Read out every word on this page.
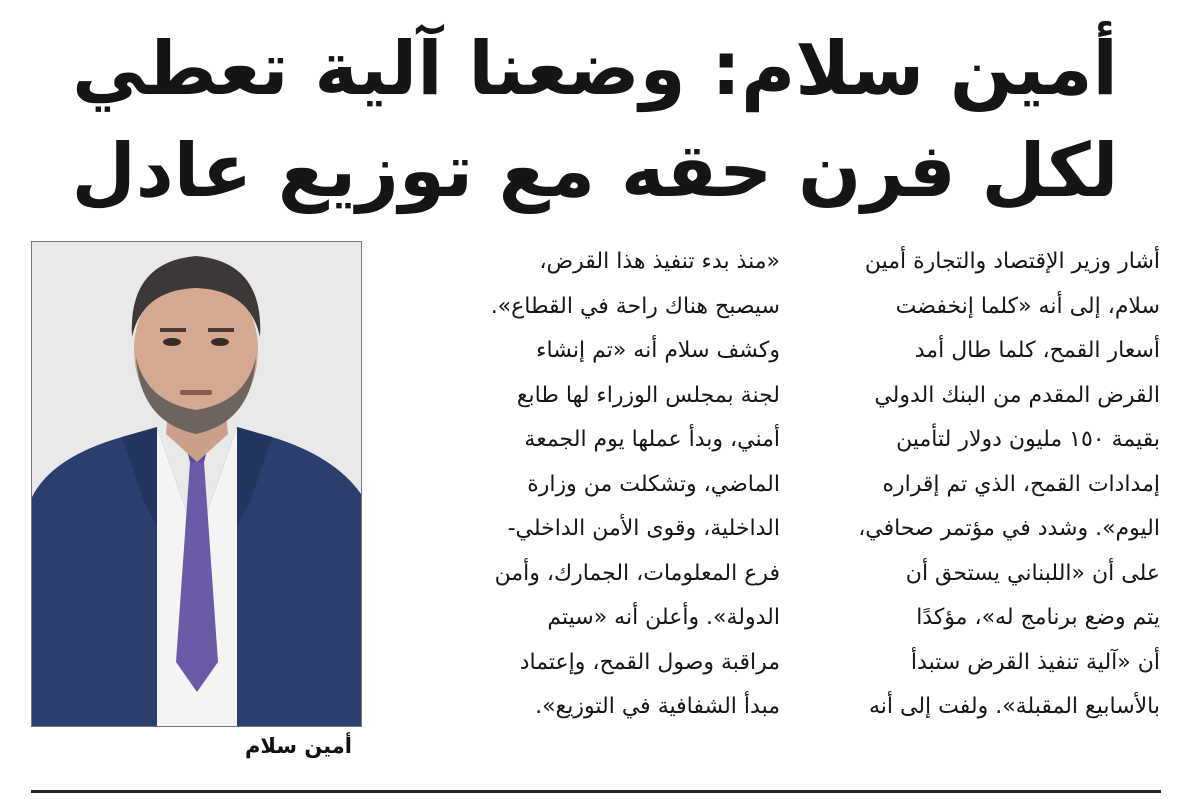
أمين سلام: وضعنا آلية تعطي
لكل فرن حقه مع توزيع عادل
أشار وزير الإقتصاد والتجارة أمين
سلام، إلى أنه «كلما إنخفضت
أسعار القمح، كلما طال أمد
القرض المقدم من البنك الدولي
بقيمة ١٥٠ مليون دولار لتأمين
إمدادات القمح، الذي تم إقراره
اليوم». وشدد في مؤتمر صحافي،
على أن «اللبناني يستحق أن
يتم وضع برنامج له»، مؤكدًا
أن «آلية تنفيذ القرض ستبدأ
بالأسابيع المقبلة». ولفت إلى أنه
«منذ بدء تنفيذ هذا القرض،
سيصبح هناك راحة في القطاع».
وكشف سلام أنه «تم إنشاء
لجنة بمجلس الوزراء لها طابع
أمني، وبدأ عملها يوم الجمعة
الماضي، وتشكلت من وزارة
الداخلية، وقوى الأمن الداخلي-
فرع المعلومات، الجمارك، وأمن
الدولة». وأعلن أنه «سيتم
مراقبة وصول القمح، وإعتماد
مبدأ الشفافية في التوزيع».
أمين سلام
